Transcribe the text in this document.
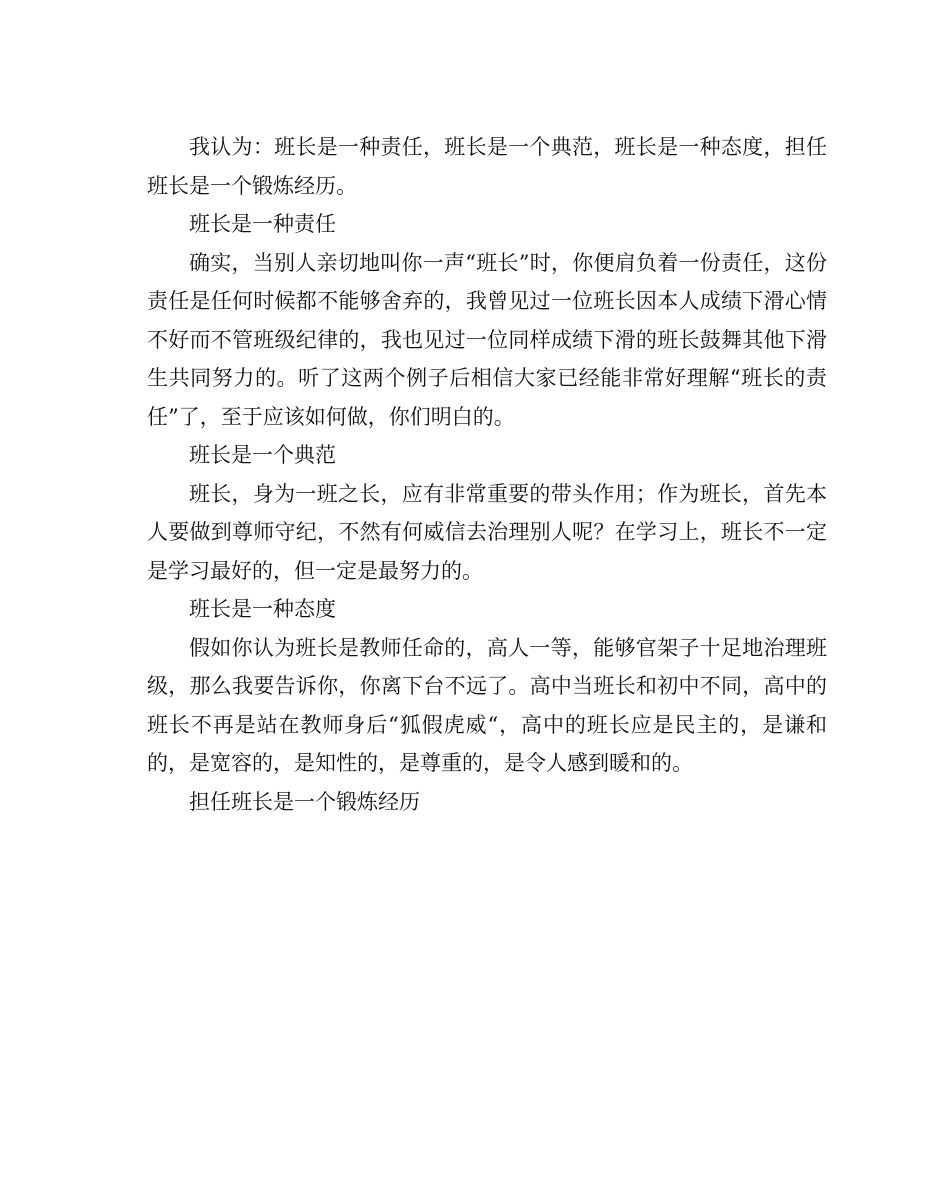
我认为：班长是一种责任，班长是一个典范，班长是一种态度，担任班长是一个锻炼经历。

班长是一种责任

确实，当别人亲切地叫你一声“班长”时，你便肩负着一份责任，这份责任是任何时候都不能够舍弃的，我曾见过一位班长因本人成绩下滑心情不好而不管班级纪律的，我也见过一位同样成绩下滑的班长鼓舞其他下滑生共同努力的。听了这两个例子后相信大家已经能非常好理解“班长的责任”了，至于应该如何做，你们明白的。

班长是一个典范

班长，身为一班之长，应有非常重要的带头作用；作为班长，首先本人要做到尊师守纪，不然有何威信去治理别人呢？在学习上，班长不一定是学习最好的，但一定是最努力的。

班长是一种态度

假如你认为班长是教师任命的，高人一等，能够官架子十足地治理班级，那么我要告诉你，你离下台不远了。高中当班长和初中不同，高中的班长不再是站在教师身后“狐假虎威“，高中的班长应是民主的，是谦和的，是宽容的，是知性的，是尊重的，是令人感到暖和的。

担任班长是一个锻炼经历
